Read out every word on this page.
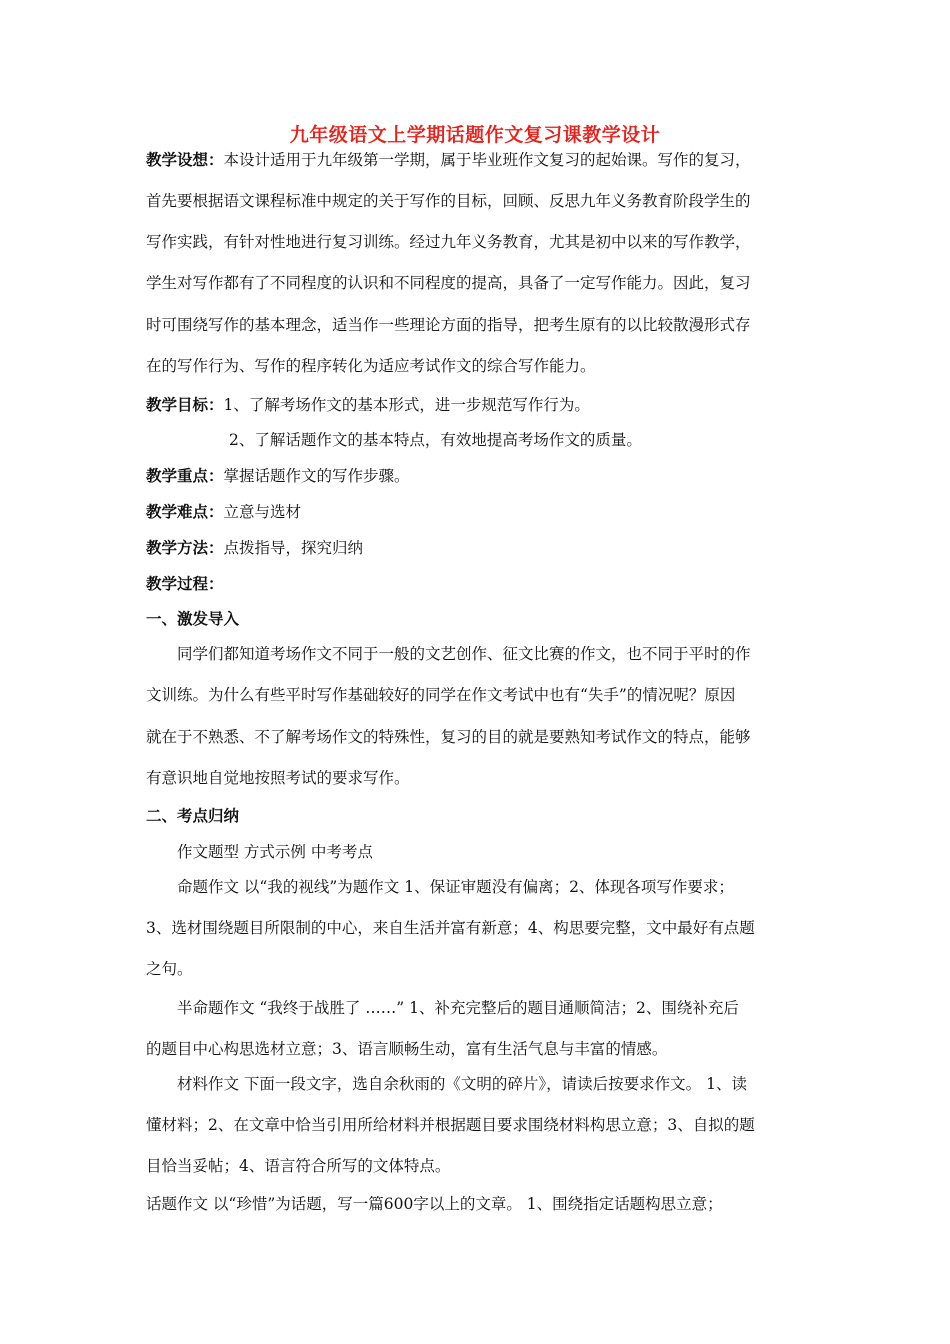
九年级语文上学期话题作文复习课教学设计
教学设想：本设计适用于九年级第一学期，属于毕业班作文复习的起始课。写作的复习，
首先要根据语文课程标准中规定的关于写作的目标，回顾、反思九年义务教育阶段学生的
写作实践，有针对性地进行复习训练。经过九年义务教育，尤其是初中以来的写作教学，
学生对写作都有了不同程度的认识和不同程度的提高，具备了一定写作能力。因此，复习
时可围绕写作的基本理念，适当作一些理论方面的指导，把考生原有的以比较散漫形式存
在的写作行为、写作的程序转化为适应考试作文的综合写作能力。
教学目标：1、了解考场作文的基本形式，进一步规范写作行为。
2、了解话题作文的基本特点，有效地提高考场作文的质量。
教学重点：掌握话题作文的写作步骤。
教学难点：立意与选材
教学方法：点拨指导，探究归纳
教学过程：
一、激发导入
同学们都知道考场作文不同于一般的文艺创作、征文比赛的作文，也不同于平时的作
文训练。为什么有些平时写作基础较好的同学在作文考试中也有“失手”的情况呢？原因
就在于不熟悉、不了解考场作文的特殊性，复习的目的就是要熟知考试作文的特点，能够
有意识地自觉地按照考试的要求写作。
二、考点归纳
作文题型 方式示例 中考考点
命题作文 以“我的视线”为题作文 1、保证审题没有偏离；2、体现各项写作要求；
3、选材围绕题目所限制的中心，来自生活并富有新意；4、构思要完整，文中最好有点题
之句。
半命题作文 “我终于战胜了 ……” 1、补充完整后的题目通顺简洁；2、围绕补充后
的题目中心构思选材立意；3、语言顺畅生动，富有生活气息与丰富的情感。
材料作文 下面一段文字，选自余秋雨的《文明的碎片》，请读后按要求作文。 1、读
懂材料；2、在文章中恰当引用所给材料并根据题目要求围绕材料构思立意；3、自拟的题
目恰当妥帖；4、语言符合所写的文体特点。
话题作文 以“珍惜”为话题，写一篇600字以上的文章。 1、围绕指定话题构思立意；
